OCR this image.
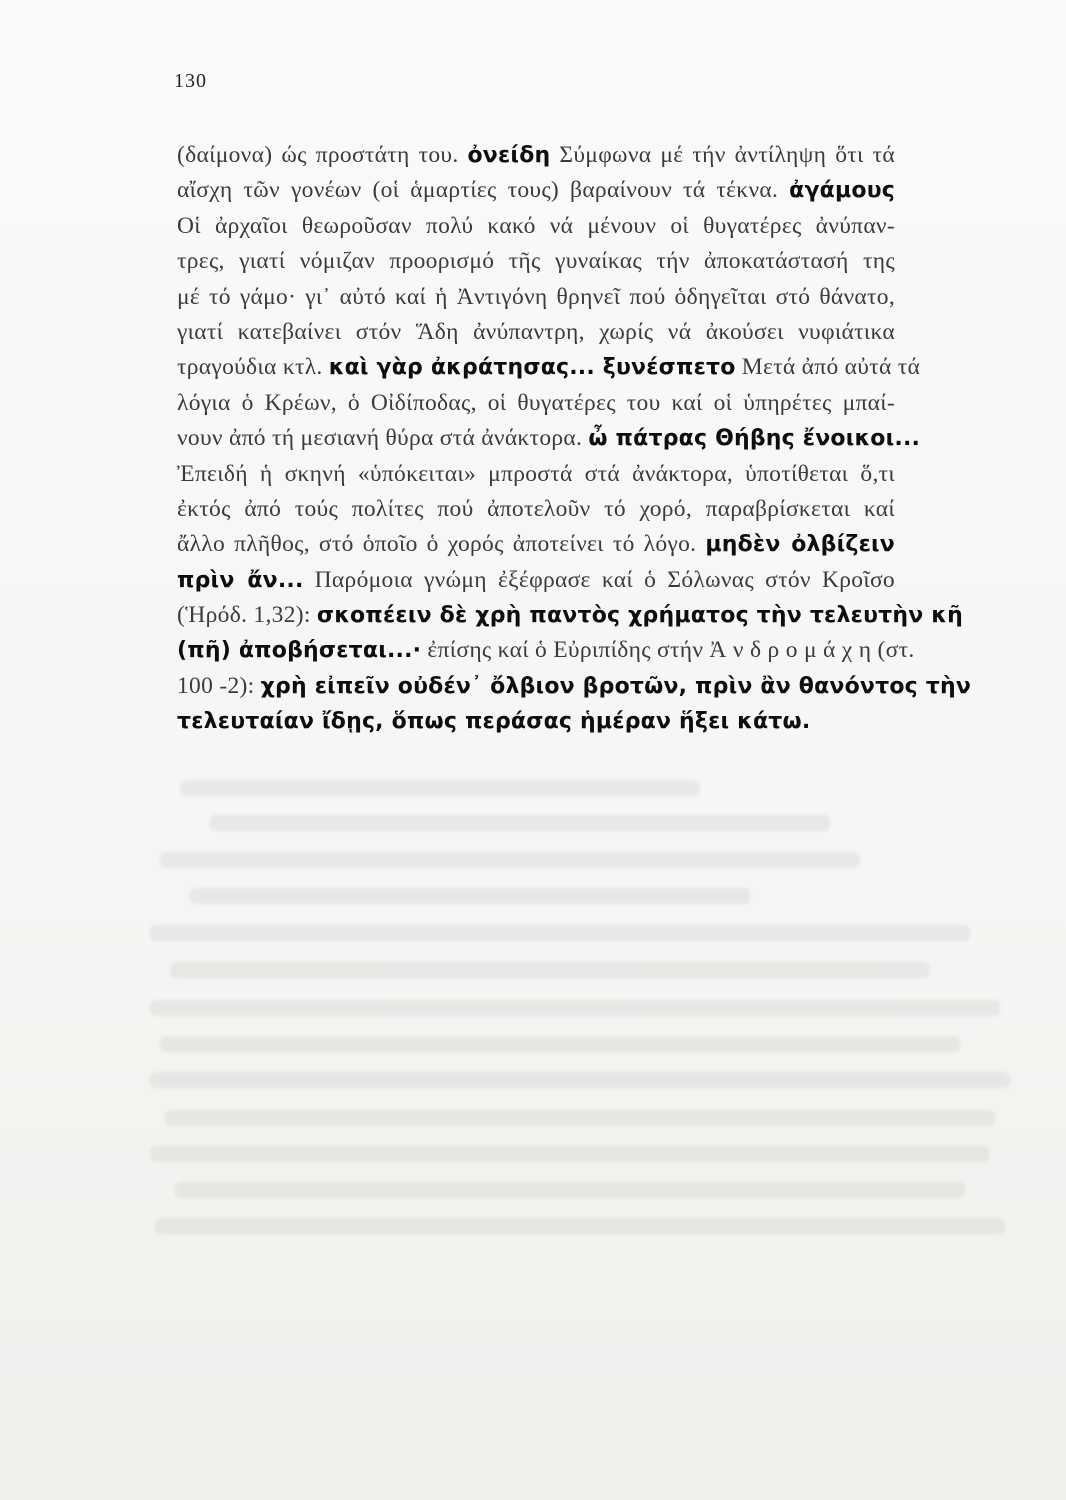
130
(δαίμονα) ώς προστάτη του. ὀνείδη Σύμφωνα μέ τήν ἀντίληψη ὅτι τά
αἴσχη τῶν γονέων (οἱ ἁμαρτίες τους) βαραίνουν τά τέκνα. ἀγάμους
Οἱ ἀρχαῖοι θεωροῦσαν πολύ κακό νά μένουν οἱ θυγατέρες ἀνύπαν-
τρες, γιατί νόμιζαν προορισμό τῆς γυναίκας τήν ἀποκατάστασή της
μέ τό γάμο· γι᾽ αὐτό καί ἡ Ἀντιγόνη θρηνεῖ πού ὁδηγεῖται στό θάνατο,
γιατί κατεβαίνει στόν Ἅδη ἀνύπαντρη, χωρίς νά ἀκούσει νυφιάτικα
τραγούδια κτλ. καὶ γὰρ ἀκράτησας... ξυνέσπετο Μετά ἀπό αὐτά τά
λόγια ὁ Κρέων, ὁ Οἰδίποδας, οἱ θυγατέρες του καί οἱ ὑπηρέτες μπαί-
νουν ἀπό τή μεσιανή θύρα στά ἀνάκτορα. ὦ πάτρας Θήβης ἔνοικοι...
Ἐπειδή ἡ σκηνή «ὑπόκειται» μπροστά στά ἀνάκτορα, ὑποτίθεται ὅ,τι
ἐκτός ἀπό τούς πολίτες πού ἀποτελοῦν τό χορό, παραβρίσκεται καί
ἄλλο πλῆθος, στό ὁποῖο ὁ χορός ἀποτείνει τό λόγο. μηδὲν ὀλβίζειν
πρὶν ἄν... Παρόμοια γνώμη ἐξέφρασε καί ὁ Σόλωνας στόν Κροῖσο
(Ἡρόδ. 1,32): σκοπέειν δὲ χρὴ παντὸς χρήματος τὴν τελευτὴν κῆ
(πῆ) ἀποβήσεται...· ἐπίσης καί ὁ Εὐριπίδης στήν Ἀ ν δ ρ ο μ ά χ η (στ.
100 -2): χρὴ εἰπεῖν οὐδέν᾽ ὄλβιον βροτῶν, πρὶν ἂν θανόντος τὴν
τελευταίαν ἴδῃς, ὅπως περάσας ἡμέραν ἥξει κάτω.
